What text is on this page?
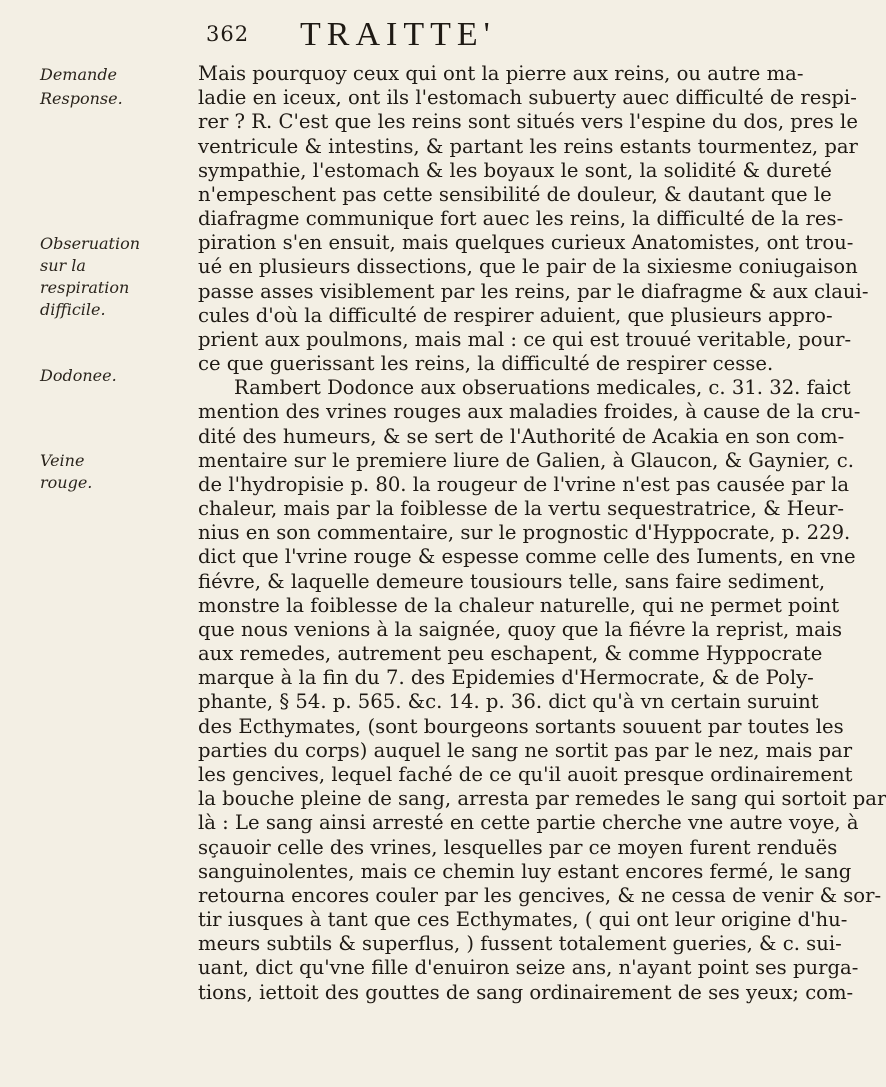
362 TRAITTE'
Demande
Response.
Obseruation sur la respiration difficile.
Dodonee.
Veine rouge.
Mais pourquoy ceux qui ont la pierre aux reins, ou autre ma-
ladie en iceux, ont ils l'estomach subuerty auec difficulté de respi-
rer ? R. C'est que les reins sont situés vers l'espine du dos, pres le
ventricule & intestins, & partant les reins estants tourmentez, par
sympathie, l'estomach & les boyaux le sont, la solidité & dureté
n'empeschent pas cette sensibilité de douleur, & dautant que le
diafragme communique fort auec les reins, la difficulté de la res-
piration s'en ensuit, mais quelques curieux Anatomistes, ont trou-
ué en plusieurs dissections, que le pair de la sixiesme coniugaison
passe asses visiblement par les reins, par le diafragme & aux claui-
cules d'où la difficulté de respirer aduient, que plusieurs appro-
prient aux poulmons, mais mal : ce qui est trouué veritable, pour-
ce que guerissant les reins, la difficulté de respirer cesse.
Rambert Dodonce aux obseruations medicales, c. 31. 32. faict
mention des vrines rouges aux maladies froides, à cause de la cru-
dité des humeurs, & se sert de l'Authorité de Acakia en son com-
mentaire sur le premiere liure de Galien, à Glaucon, & Gaynier, c.
de l'hydropisie p. 80. la rougeur de l'vrine n'est pas causée par la
chaleur, mais par la foiblesse de la vertu sequestratrice, & Heur-
nius en son commentaire, sur le prognostic d'Hyppocrate, p. 229.
dict que l'vrine rouge & espesse comme celle des Iuments, en vne
fiévre, & laquelle demeure tousiours telle, sans faire sediment,
monstre la foiblesse de la chaleur naturelle, qui ne permet point
que nous venions à la saignée, quoy que la fiévre la reprist, mais
aux remedes, autrement peu eschapent, & comme Hyppocrate
marque à la fin du 7. des Epidemies d'Hermocrate, & de Poly-
phante, § 54. p. 565. &c. 14. p. 36. dict qu'à vn certain suruint
des Ecthymates, (sont bourgeons sortants souuent par toutes les
parties du corps) auquel le sang ne sortit pas par le nez, mais par
les gencives, lequel faché de ce qu'il auoit presque ordinairement
la bouche pleine de sang, arresta par remedes le sang qui sortoit par
là : Le sang ainsi arresté en cette partie cherche vne autre voye, à
sçauoir celle des vrines, lesquelles par ce moyen furent renduës
sanguinolentes, mais ce chemin luy estant encores fermé, le sang
retourna encores couler par les gencives, & ne cessa de venir & sor-
tir iusques à tant que ces Ecthymates, ( qui ont leur origine d'hu-
meurs subtils & superflus, ) fussent totalement gueries, & c. sui-
uant, dict qu'vne fille d'enuiron seize ans, n'ayant point ses purga-
tions, iettoit des gouttes de sang ordinairement de ses yeux; com-
